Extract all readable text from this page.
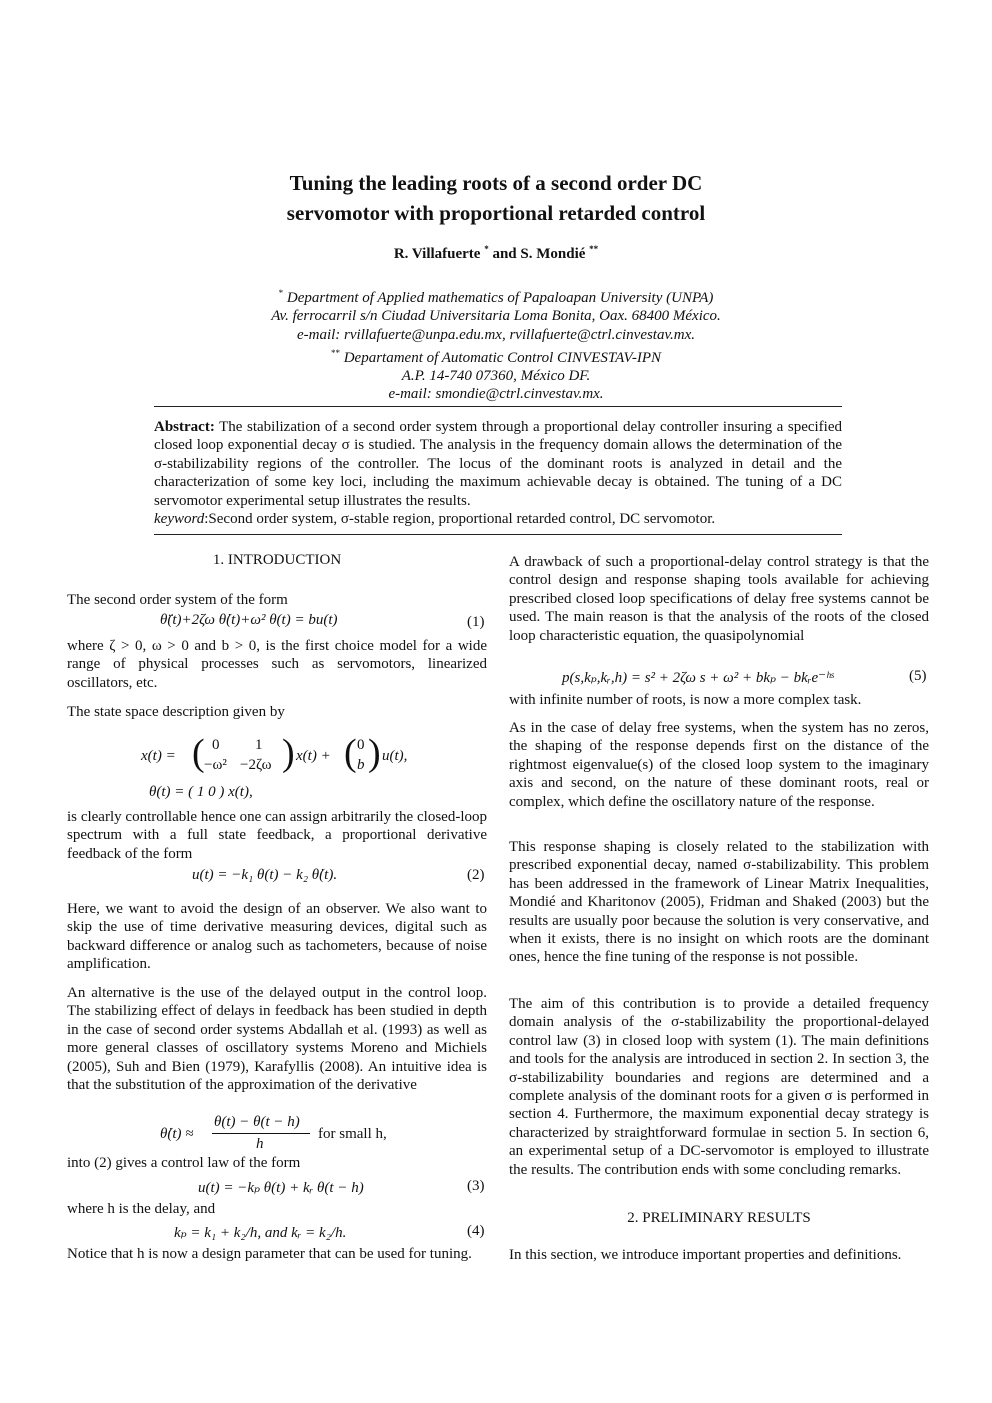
Tuning the leading roots of a second order DC
servomotor with proportional retarded control
R. Villafuerte * and S. Mondié **
* Department of Applied mathematics of Papaloapan University (UNPA)
Av. ferrocarril s/n Ciudad Universitaria Loma Bonita, Oax. 68400 México.
e-mail: rvillafuerte@unpa.edu.mx, rvillafuerte@ctrl.cinvestav.mx.
** Departament of Automatic Control CINVESTAV-IPN
A.P. 14-740 07360, México DF.
e-mail: smondie@ctrl.cinvestav.mx.
Abstract: The stabilization of a second order system through a proportional delay controller insuring a specified closed loop exponential decay σ is studied. The analysis in the frequency domain allows the determination of the σ-stabilizability regions of the controller. The locus of the dominant roots is analyzed in detail and the characterization of some key loci, including the maximum achievable decay is obtained. The tuning of a DC servomotor experimental setup illustrates the results.
keyword:Second order system, σ-stable region, proportional retarded control, DC servomotor.
1. INTRODUCTION
The second order system of the form
θ̈(t)+2ζω θ̇(t)+ω² θ(t) = bu(t)	(1)
where ζ > 0, ω > 0 and b > 0, is the first choice model for a wide range of physical processes such as servomotors, linearized oscillators, etc.
The state space description given by
x(t) = ( 0 1
−ω² −2ζω ) x(t) + ( 0
b ) u(t),
θ(t) = ( 1 0 ) x(t),
is clearly controllable hence one can assign arbitrarily the closed-loop spectrum with a full state feedback, a proportional derivative feedback of the form
u(t) = −k₁ θ(t) − k₂ θ̇(t).	(2)
Here, we want to avoid the design of an observer. We also want to skip the use of time derivative measuring devices, digital such as backward difference or analog such as tachometers, because of noise amplification.
An alternative is the use of the delayed output in the control loop. The stabilizing effect of delays in feedback has been studied in depth in the case of second order systems Abdallah et al. (1993) as well as more general classes of oscillatory systems Moreno and Michiels (2005), Suh and Bien (1979), Karafyllis (2008). An intuitive idea is that the substitution of the approximation of the derivative
θ̇(t) ≈
θ(t) − θ(t − h)
h
for small h,
into (2) gives a control law of the form
u(t) = −kₚ θ(t) + kᵣ θ(t − h)	(3)
where h is the delay, and
kₚ = k₁ + k₂/h, and kᵣ = k₂/h.	(4)
Notice that h is now a design parameter that can be used for tuning.
A drawback of such a proportional-delay control strategy is that the control design and response shaping tools available for achieving prescribed closed loop specifications of delay free systems cannot be used. The main reason is that the analysis of the roots of the closed loop characteristic equation, the quasipolynomial
p(s,kₚ,kᵣ,h) = s² + 2ζω s + ω² + bkₚ − bkᵣe⁻ʰˢ	(5)
with infinite number of roots, is now a more complex task.
As in the case of delay free systems, when the system has no zeros, the shaping of the response depends first on the distance of the rightmost eigenvalue(s) of the closed loop system to the imaginary axis and second, on the nature of these dominant roots, real or complex, which define the oscillatory nature of the response.
This response shaping is closely related to the stabilization with prescribed exponential decay, named σ-stabilizability. This problem has been addressed in the framework of Linear Matrix Inequalities, Mondié and Kharitonov (2005), Fridman and Shaked (2003) but the results are usually poor because the solution is very conservative, and when it exists, there is no insight on which roots are the dominant ones, hence the fine tuning of the response is not possible.
The aim of this contribution is to provide a detailed frequency domain analysis of the σ-stabilizability the proportional-delayed control law (3) in closed loop with system (1). The main definitions and tools for the analysis are introduced in section 2. In section 3, the σ-stabilizability boundaries and regions are determined and a complete analysis of the dominant roots for a given σ is performed in section 4. Furthermore, the maximum exponential decay strategy is characterized by straightforward formulae in section 5. In section 6, an experimental setup of a DC-servomotor is employed to illustrate the results. The contribution ends with some concluding remarks.
2. PRELIMINARY RESULTS
In this section, we introduce important properties and definitions.
